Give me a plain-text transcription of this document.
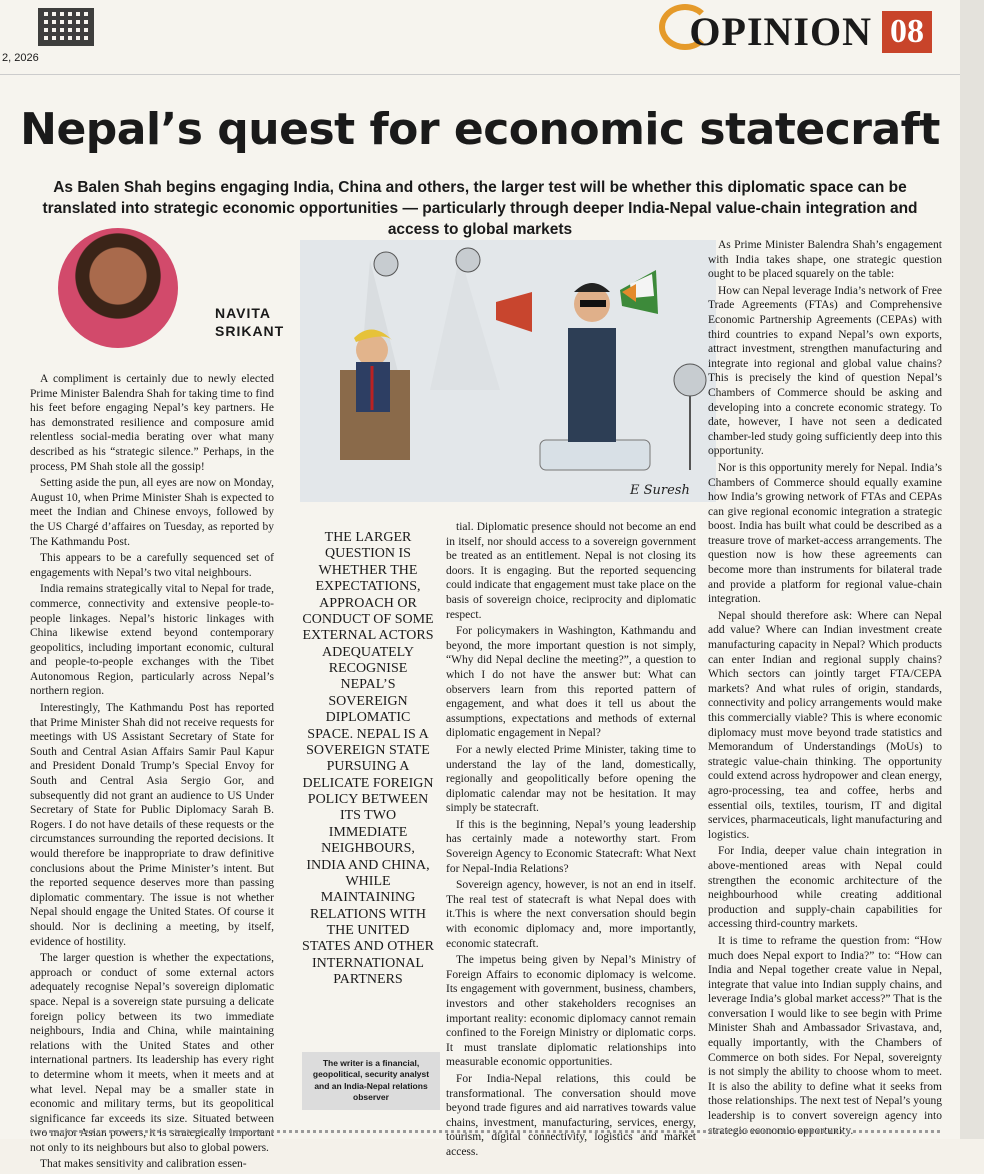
2, 2026
OPINION 08
Nepal’s quest for economic statecraft

As Balen Shah begins engaging India, China and others, the larger test will be whether this diplomatic space can be translated into strategic economic opportunities — particularly through deeper India-Nepal value-chain integration and access to global markets

NAVITA
SRIKANT
E Suresh

A compliment is certainly due to newly elected Prime Minister Balendra Shah for taking time to find his feet before engaging Nepal’s key partners. He has demonstrated resilience and composure amid relentless social-media berating over what many described as his “strategic silence.” Perhaps, in the process, PM Shah stole all the gossip!

Setting aside the pun, all eyes are now on Monday, August 10, when Prime Minister Shah is expected to meet the Indian and Chinese envoys, followed by the US Chargé d’affaires on Tuesday, as reported by The Kathmandu Post.

This appears to be a carefully sequenced set of engagements with Nepal’s two vital neighbours.

India remains strategically vital to Nepal for trade, commerce, connectivity and extensive people-to-people linkages. Nepal’s historic linkages with China likewise extend beyond contemporary geopolitics, including important economic, cultural and people-to-people exchanges with the Tibet Autonomous Region, particularly across Nepal’s northern region.

Interestingly, The Kathmandu Post has reported that Prime Minister Shah did not receive requests for meetings with US Assistant Secretary of State for South and Central Asian Affairs Samir Paul Kapur and President Donald Trump’s Special Envoy for South and Central Asia Sergio Gor, and subsequently did not grant an audience to US Under Secretary of State for Public Diplomacy Sarah B. Rogers. I do not have details of these requests or the circumstances surrounding the reported decisions. It would therefore be inappropriate to draw definitive conclusions about the Prime Minister’s intent. But the reported sequence deserves more than passing diplomatic commentary. The issue is not whether Nepal should engage the United States. Of course it should. Nor is declining a meeting, by itself, evidence of hostility.

The larger question is whether the expectations, approach or conduct of some external actors adequately recognise Nepal’s sovereign diplomatic space. Nepal is a sovereign state pursuing a delicate foreign policy between its two immediate neighbours, India and China, while maintaining relations with the United States and other international partners. Its leadership has every right to determine whom it meets, when it meets and at what level. Nepal may be a smaller state in economic and military terms, but its geopolitical significance far exceeds its size. Situated between two major Asian powers, it is strategically important not only to its neighbours but also to global powers.

That makes sensitivity and calibration essen-

THE LARGER QUESTION IS WHETHER THE EXPECTATIONS, APPROACH OR CONDUCT OF SOME EXTERNAL ACTORS ADEQUATELY RECOGNISE NEPAL’S SOVEREIGN DIPLOMATIC SPACE. NEPAL IS A SOVEREIGN STATE PURSUING A DELICATE FOREIGN POLICY BETWEEN ITS TWO IMMEDIATE NEIGHBOURS, INDIA AND CHINA, WHILE MAINTAINING RELATIONS WITH THE UNITED STATES AND OTHER INTERNATIONAL PARTNERS
The writer is a financial, geopolitical, security analyst and an India-Nepal relations observer

tial. Diplomatic presence should not become an end in itself, nor should access to a sovereign government be treated as an entitlement. Nepal is not closing its doors. It is engaging. But the reported sequencing could indicate that engagement must take place on the basis of sovereign choice, reciprocity and diplomatic respect.

For policymakers in Washington, Kathmandu and beyond, the more important question is not simply, “Why did Nepal decline the meeting?”, a question to which I do not have the answer but: What can observers learn from this reported pattern of engagement, and what does it tell us about the assumptions, expectations and methods of external diplomatic engagement in Nepal?

For a newly elected Prime Minister, taking time to understand the lay of the land, domestically, regionally and geopolitically before opening the diplomatic calendar may not be hesitation. It may simply be statecraft.

If this is the beginning, Nepal’s young leadership has certainly made a noteworthy start. From Sovereign Agency to Economic Statecraft: What Next for Nepal-India Relations?

Sovereign agency, however, is not an end in itself. The real test of statecraft is what Nepal does with it.This is where the next conversation should begin with economic diplomacy and, more importantly, economic statecraft.

The impetus being given by Nepal’s Ministry of Foreign Affairs to economic diplomacy is welcome. Its engagement with government, business, chambers, investors and other stakeholders recognises an important reality: economic diplomacy cannot remain confined to the Foreign Ministry or diplomatic corps. It must translate diplomatic relationships into measurable economic opportunities.

For India-Nepal relations, this could be transformational. The conversation should move beyond trade figures and aid narratives towards value chains, investment, manufacturing, services, energy, tourism, digital connectivity, logistics and market access.

As Prime Minister Balendra Shah’s engagement with India takes shape, one strategic question ought to be placed squarely on the table:

How can Nepal leverage India’s network of Free Trade Agreements (FTAs) and Comprehensive Economic Partnership Agreements (CEPAs) with third countries to expand Nepal’s own exports, attract investment, strengthen manufacturing and integrate into regional and global value chains? This is precisely the kind of question Nepal’s Chambers of Commerce should be asking and developing into a concrete economic strategy. To date, however, I have not seen a dedicated chamber-led study going sufficiently deep into this opportunity.

Nor is this opportunity merely for Nepal. India’s Chambers of Commerce should equally examine how India’s growing network of FTAs and CEPAs can give regional economic integration a strategic boost. India has built what could be described as a treasure trove of market-access arrangements. The question now is how these agreements can become more than instruments for bilateral trade and provide a platform for regional value-chain integration.

Nepal should therefore ask: Where can Nepal add value? Where can Indian investment create manufacturing capacity in Nepal? Which products can enter Indian and regional supply chains? Which sectors can jointly target FTA/CEPA markets? And what rules of origin, standards, connectivity and policy arrangements would make this commercially viable? This is where economic diplomacy must move beyond trade statistics and Memorandum of Understandings (MoUs) to strategic value-chain thinking. The opportunity could extend across hydropower and clean energy, agro-processing, tea and coffee, herbs and essential oils, textiles, tourism, IT and digital services, pharmaceuticals, light manufacturing and logistics.

For India, deeper value chain integration in above-mentioned areas with Nepal could strengthen the economic architecture of the neighbourhood while creating additional production and supply-chain capabilities for accessing third-country markets.

It is time to reframe the question from: “How much does Nepal export to India?” to: “How can India and Nepal together create value in Nepal, integrate that value into Indian supply chains, and leverage India’s global market access?” That is the conversation I would like to see begin with Prime Minister Shah and Ambassador Srivastava, and, equally importantly, with the Chambers of Commerce on both sides. For Nepal, sovereignty is not simply the ability to choose whom to meet. It is also the ability to define what it seeks from those relationships. The next test of Nepal’s young leadership is to convert sovereign agency into strategic economic opportunity.
